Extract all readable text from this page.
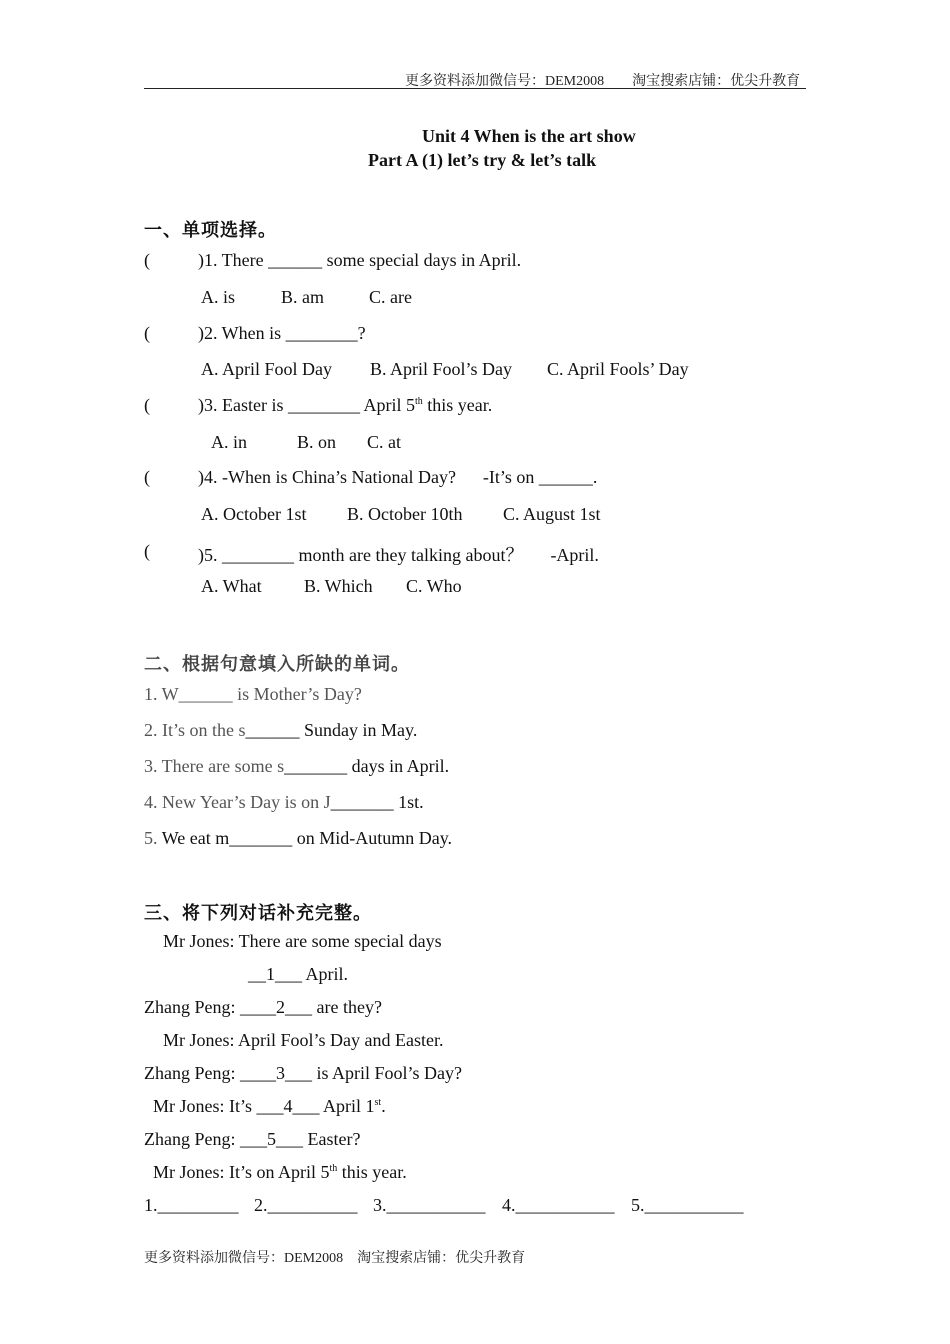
更多资料添加微信号：DEM2008　　淘宝搜索店铺：优尖升教育
Unit 4 When is the art show
Part A (1) let’s try & let’s talk
一、单项选择。
(	)1. There ______ some special days in April.
A. is	B. am	C. are
(	)2. When is ________?
A. April Fool Day B. April Fool’s Day C. April Fools’ Day
(	)3. Easter is ________ April 5th this year.
A. in	B. on C. at
(	)4. -When is China’s National Day?      -It’s on ______.
A. October 1st B. October 10th C. August 1st
(	)5. ________ month are they talking about？      -April.
A. What B. Which C. Who
二、根据句意填入所缺的单词。
1. W______ is Mother’s Day?
2. It’s on the s______ Sunday in May.
3. There are some s_______ days in April.
4. New Year’s Day is on J_______ 1st.
5. We eat m_______ on Mid-Autumn Day.
三、将下列对话补充完整。
Mr Jones: There are some special days
__1___ April.
Zhang Peng: ____2___ are they?
Mr Jones: April Fool’s Day and Easter.
Zhang Peng: ____3___ is April Fool’s Day?
Mr Jones: It’s ___4___ April 1st.
Zhang Peng: ___5___ Easter?
Mr Jones: It’s on April 5th this year.
1._________ 2.__________ 3.___________ 4.___________ 5.___________
更多资料添加微信号：DEM2008　淘宝搜索店铺：优尖升教育
